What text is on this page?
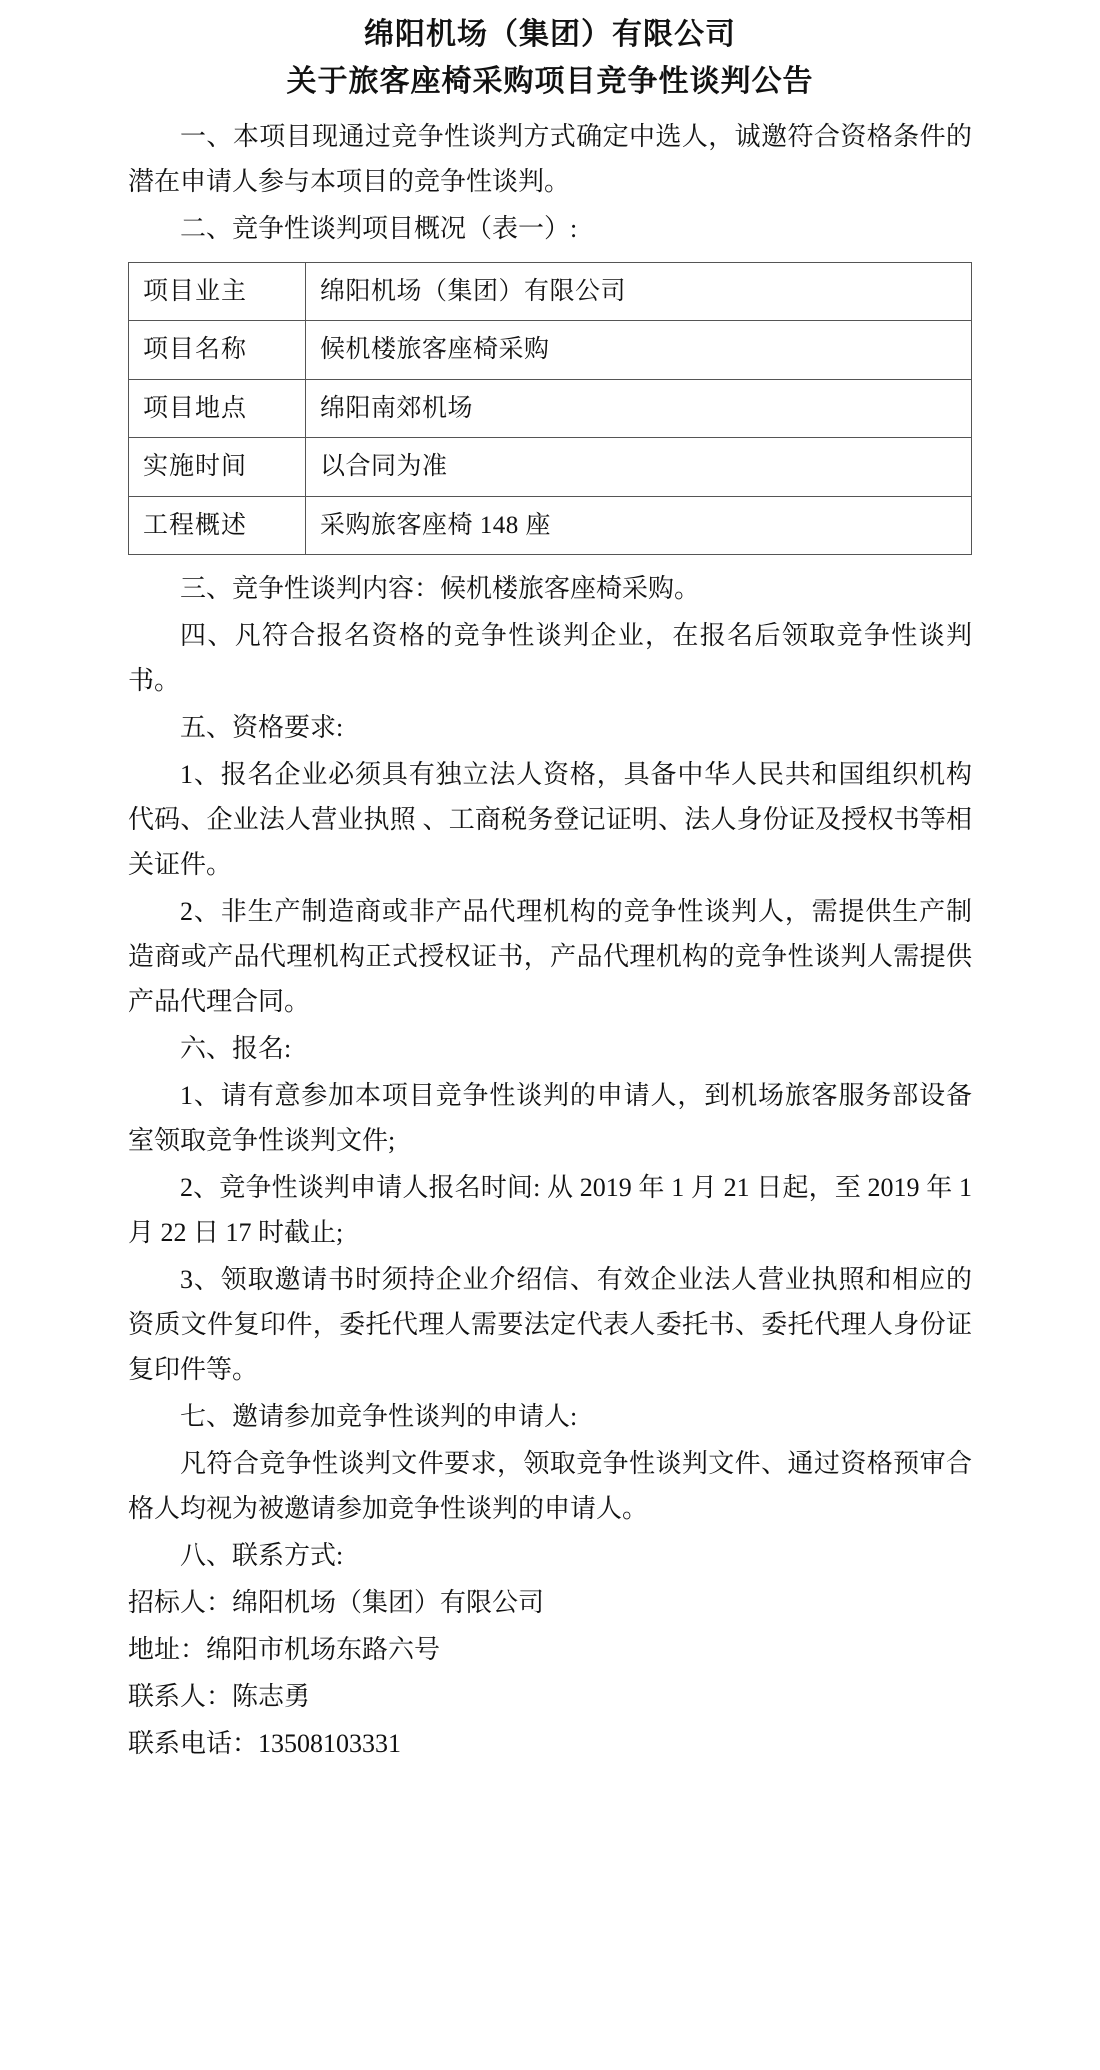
绵阳机场（集团）有限公司
关于旅客座椅采购项目竞争性谈判公告

一、本项目现通过竞争性谈判方式确定中选人，诚邀符合资格条件的潜在申请人参与本项目的竞争性谈判。

二、竞争性谈判项目概况（表一）:

项目业主	绵阳机场（集团）有限公司
项目名称	候机楼旅客座椅采购
项目地点	绵阳南郊机场
实施时间	以合同为准
工程概述	采购旅客座椅 148 座

三、竞争性谈判内容：候机楼旅客座椅采购。

四、凡符合报名资格的竞争性谈判企业，在报名后领取竞争性谈判书。

五、资格要求:

1、报名企业必须具有独立法人资格，具备中华人民共和国组织机构代码、企业法人营业执照 、工商税务登记证明、法人身份证及授权书等相关证件。

2、非生产制造商或非产品代理机构的竞争性谈判人，需提供生产制造商或产品代理机构正式授权证书，产品代理机构的竞争性谈判人需提供产品代理合同。

六、报名:

1、请有意参加本项目竞争性谈判的申请人，到机场旅客服务部设备室领取竞争性谈判文件;

2、竞争性谈判申请人报名时间: 从 2019 年 1 月 21 日起，至 2019 年 1 月 22 日 17 时截止;

3、领取邀请书时须持企业介绍信、有效企业法人营业执照和相应的资质文件复印件，委托代理人需要法定代表人委托书、委托代理人身份证复印件等。

七、邀请参加竞争性谈判的申请人:

凡符合竞争性谈判文件要求，领取竞争性谈判文件、通过资格预审合格人均视为被邀请参加竞争性谈判的申请人。

八、联系方式:

招标人：绵阳机场（集团）有限公司

地址：绵阳市机场东路六号

联系人：陈志勇

联系电话：13508103331
